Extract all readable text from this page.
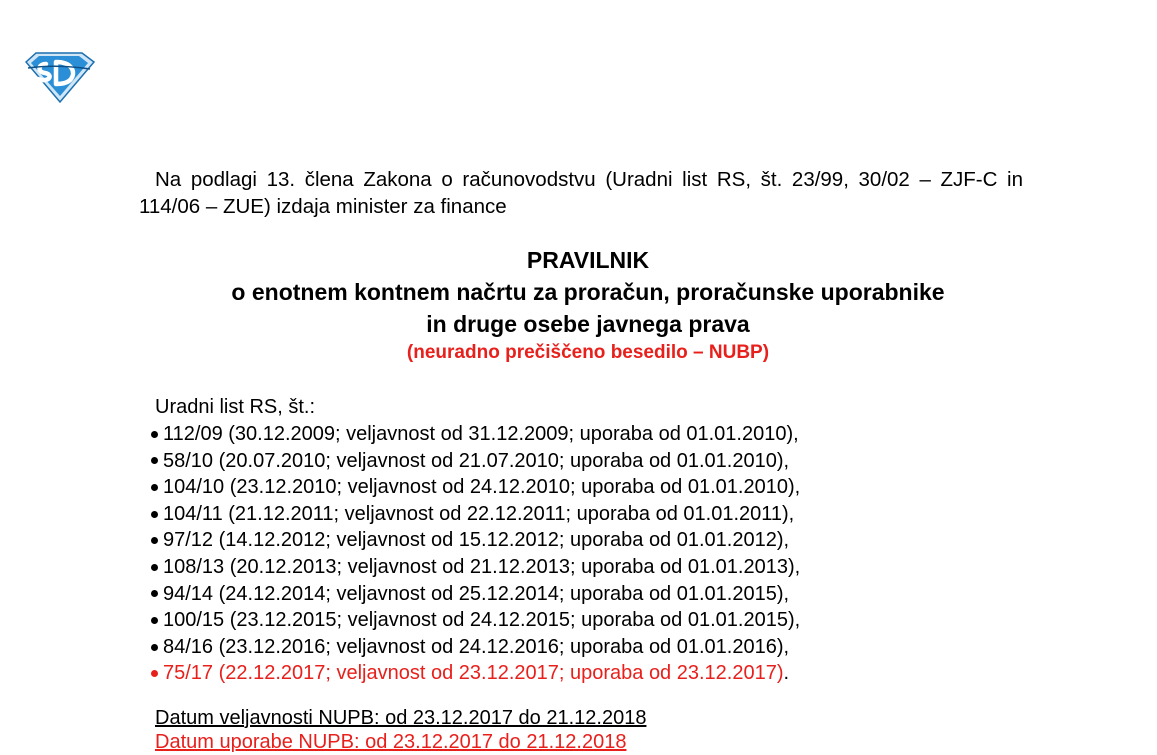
Na podlagi 13. člena Zakona o računovodstvu (Uradni list RS, št. 23/99, 30/02 – ZJF-C in 114/06 – ZUE) izdaja minister za finance
PRAVILNIK
o enotnem kontnem načrtu za proračun, proračunske uporabnike
in druge osebe javnega prava
(neuradno prečiščeno besedilo – NUBP)
Uradni list RS, št.:
112/09 (30.12.2009; veljavnost od 31.12.2009; uporaba od 01.01.2010),
58/10 (20.07.2010; veljavnost od 21.07.2010; uporaba od 01.01.2010),
104/10 (23.12.2010; veljavnost od 24.12.2010; uporaba od 01.01.2010),
104/11 (21.12.2011; veljavnost od 22.12.2011; uporaba od 01.01.2011),
97/12 (14.12.2012; veljavnost od 15.12.2012; uporaba od 01.01.2012),
108/13 (20.12.2013; veljavnost od 21.12.2013; uporaba od 01.01.2013),
94/14 (24.12.2014; veljavnost od 25.12.2014; uporaba od 01.01.2015),
100/15 (23.12.2015; veljavnost od 24.12.2015; uporaba od 01.01.2015),
84/16 (23.12.2016; veljavnost od 24.12.2016; uporaba od 01.01.2016),
75/17 (22.12.2017; veljavnost od 23.12.2017; uporaba od 23.12.2017) .
Datum veljavnosti NUPB: od 23.12.2017 do 21.12.2018
Datum uporabe NUPB: od 23.12.2017 do 21.12.2018
